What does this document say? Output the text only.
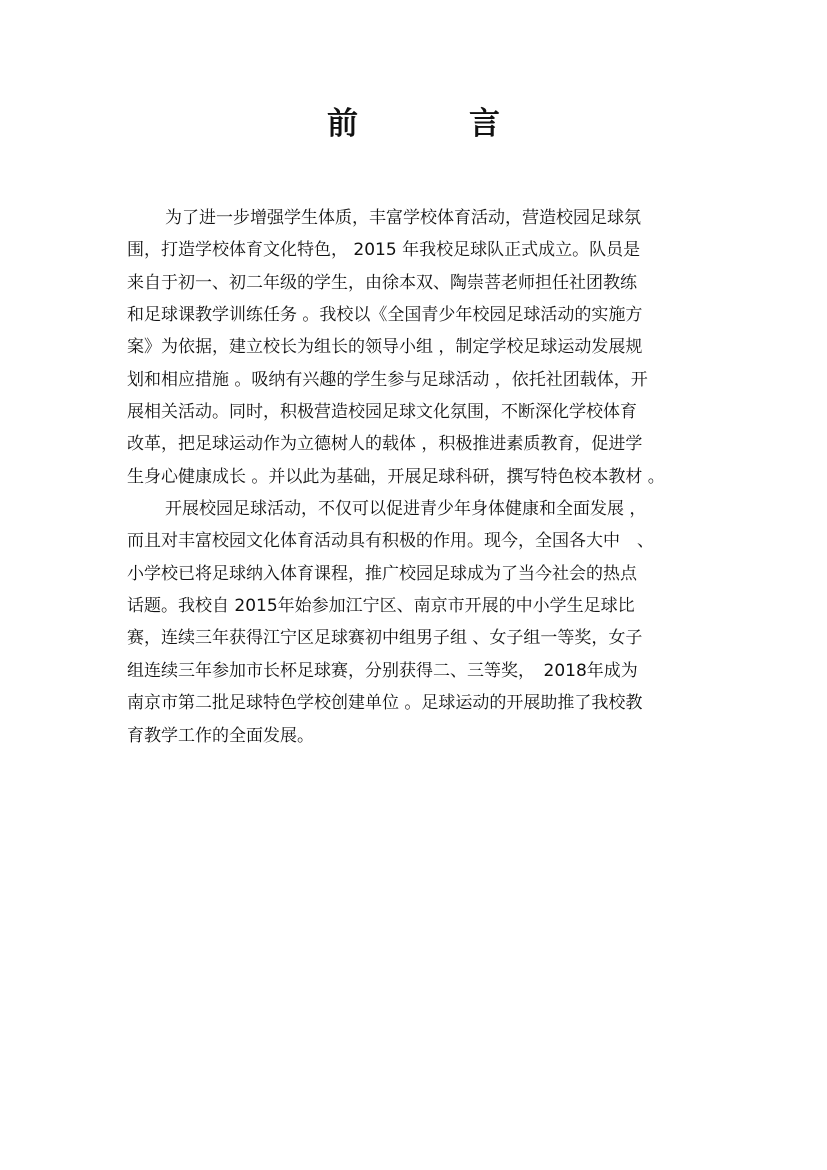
前　言
为了进一步增强学生体质，丰富学校体育活动，营造校园足球氛
围，打造学校体育文化特色， 2015 年我校足球队正式成立。队员是
来自于初一、初二年级的学生，由徐本双、陶崇菩老师担任社团教练
和足球课教学训练任务 。我校以《全国青少年校园足球活动的实施方
案》为依据，建立校长为组长的领导小组 ，制定学校足球运动发展规
划和相应措施 。吸纳有兴趣的学生参与足球活动 ，依托社团载体，开
展相关活动。同时，积极营造校园足球文化氛围，不断深化学校体育
改革，把足球运动作为立德树人的载体 ，积极推进素质教育，促进学
生身心健康成长 。并以此为基础，开展足球科研，撰写特色校本教材 。
开展校园足球活动，不仅可以促进青少年身体健康和全面发展 ，
而且对丰富校园文化体育活动具有积极的作用。现今，全国各大中　、
小学校已将足球纳入体育课程，推广校园足球成为了当今社会的热点
话题。我校自 2015年始参加江宁区、南京市开展的中小学生足球比
赛，连续三年获得江宁区足球赛初中组男子组 、女子组一等奖，女子
组连续三年参加市长杯足球赛，分别获得二、三等奖，　2018年成为
南京市第二批足球特色学校创建单位 。足球运动的开展助推了我校教
育教学工作的全面发展。
